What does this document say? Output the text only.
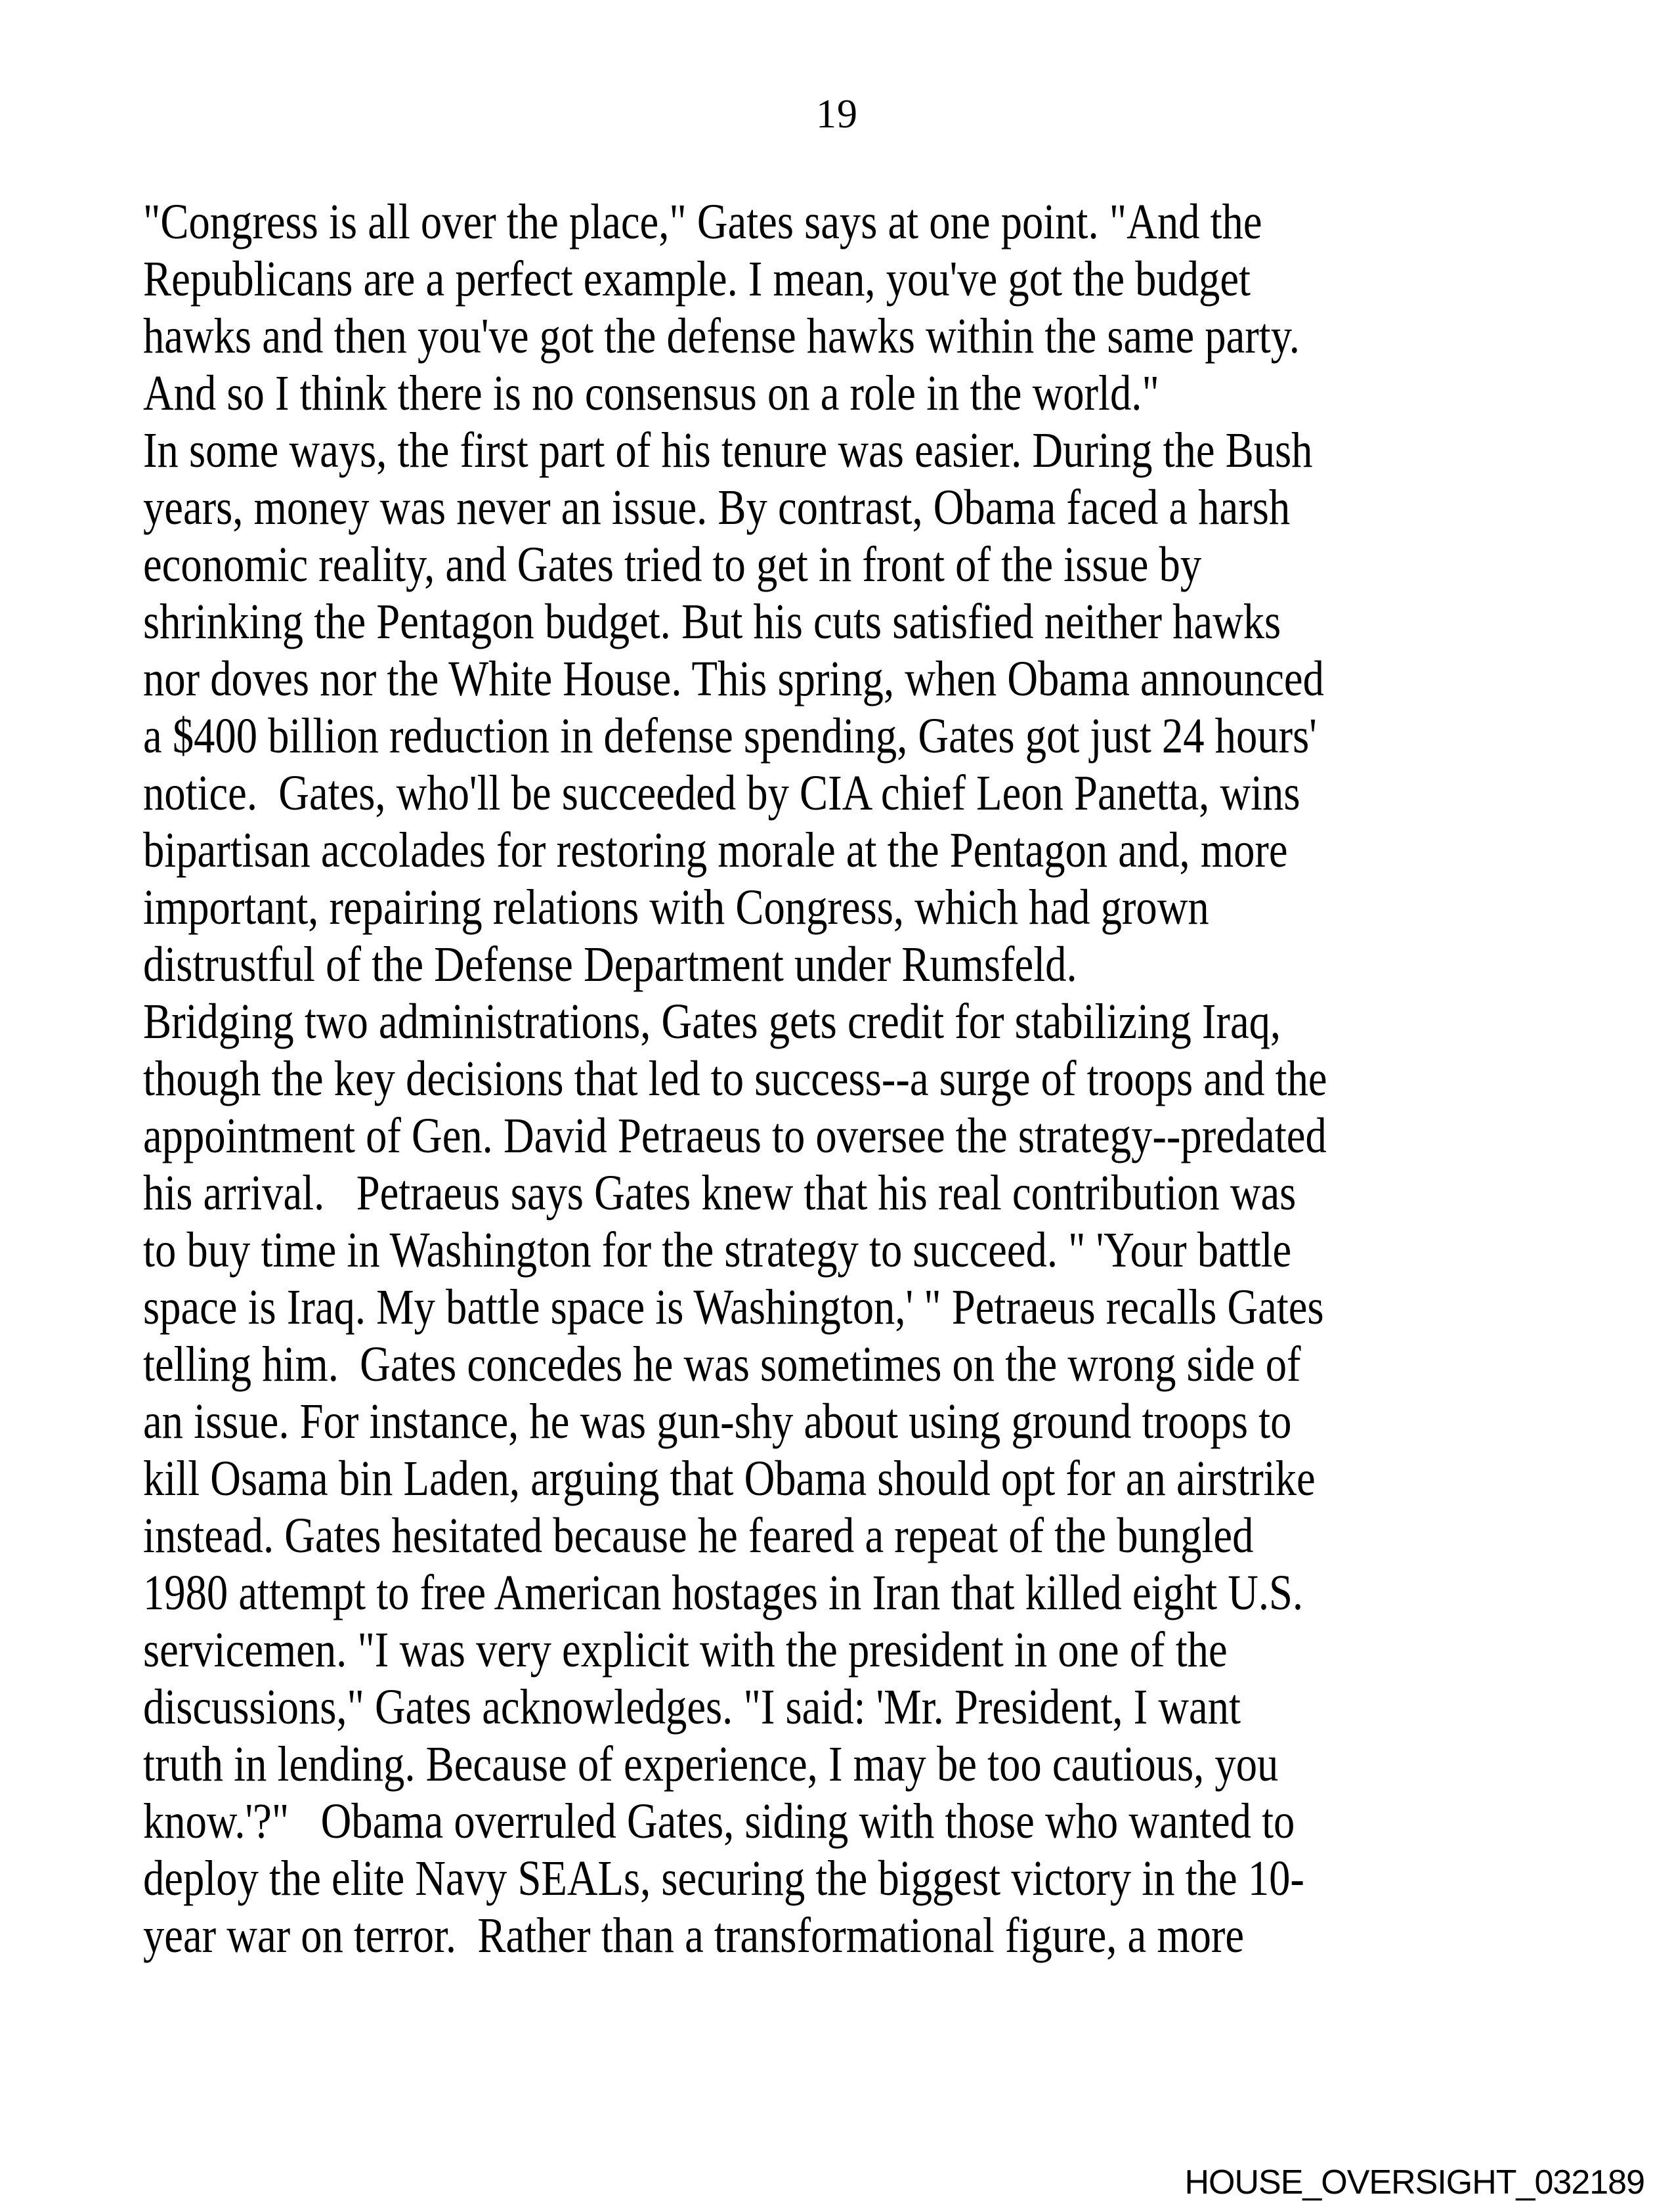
19
"Congress is all over the place," Gates says at one point. "And the
Republicans are a perfect example. I mean, you've got the budget
hawks and then you've got the defense hawks within the same party.
And so I think there is no consensus on a role in the world."
In some ways, the first part of his tenure was easier. During the Bush
years, money was never an issue. By contrast, Obama faced a harsh
economic reality, and Gates tried to get in front of the issue by
shrinking the Pentagon budget. But his cuts satisfied neither hawks
nor doves nor the White House. This spring, when Obama announced
a $400 billion reduction in defense spending, Gates got just 24 hours'
notice.  Gates, who'll be succeeded by CIA chief Leon Panetta, wins
bipartisan accolades for restoring morale at the Pentagon and, more
important, repairing relations with Congress, which had grown
distrustful of the Defense Department under Rumsfeld.
Bridging two administrations, Gates gets credit for stabilizing Iraq,
though the key decisions that led to success--a surge of troops and the
appointment of Gen. David Petraeus to oversee the strategy--predated
his arrival.   Petraeus says Gates knew that his real contribution was
to buy time in Washington for the strategy to succeed. " 'Your battle
space is Iraq. My battle space is Washington,' " Petraeus recalls Gates
telling him.  Gates concedes he was sometimes on the wrong side of
an issue. For instance, he was gun-shy about using ground troops to
kill Osama bin Laden, arguing that Obama should opt for an airstrike
instead. Gates hesitated because he feared a repeat of the bungled
1980 attempt to free American hostages in Iran that killed eight U.S.
servicemen. "I was very explicit with the president in one of the
discussions," Gates acknowledges. "I said: 'Mr. President, I want
truth in lending. Because of experience, I may be too cautious, you
know.'?"   Obama overruled Gates, siding with those who wanted to
deploy the elite Navy SEALs, securing the biggest victory in the 10-
year war on terror.  Rather than a transformational figure, a more
HOUSE_OVERSIGHT_032189
